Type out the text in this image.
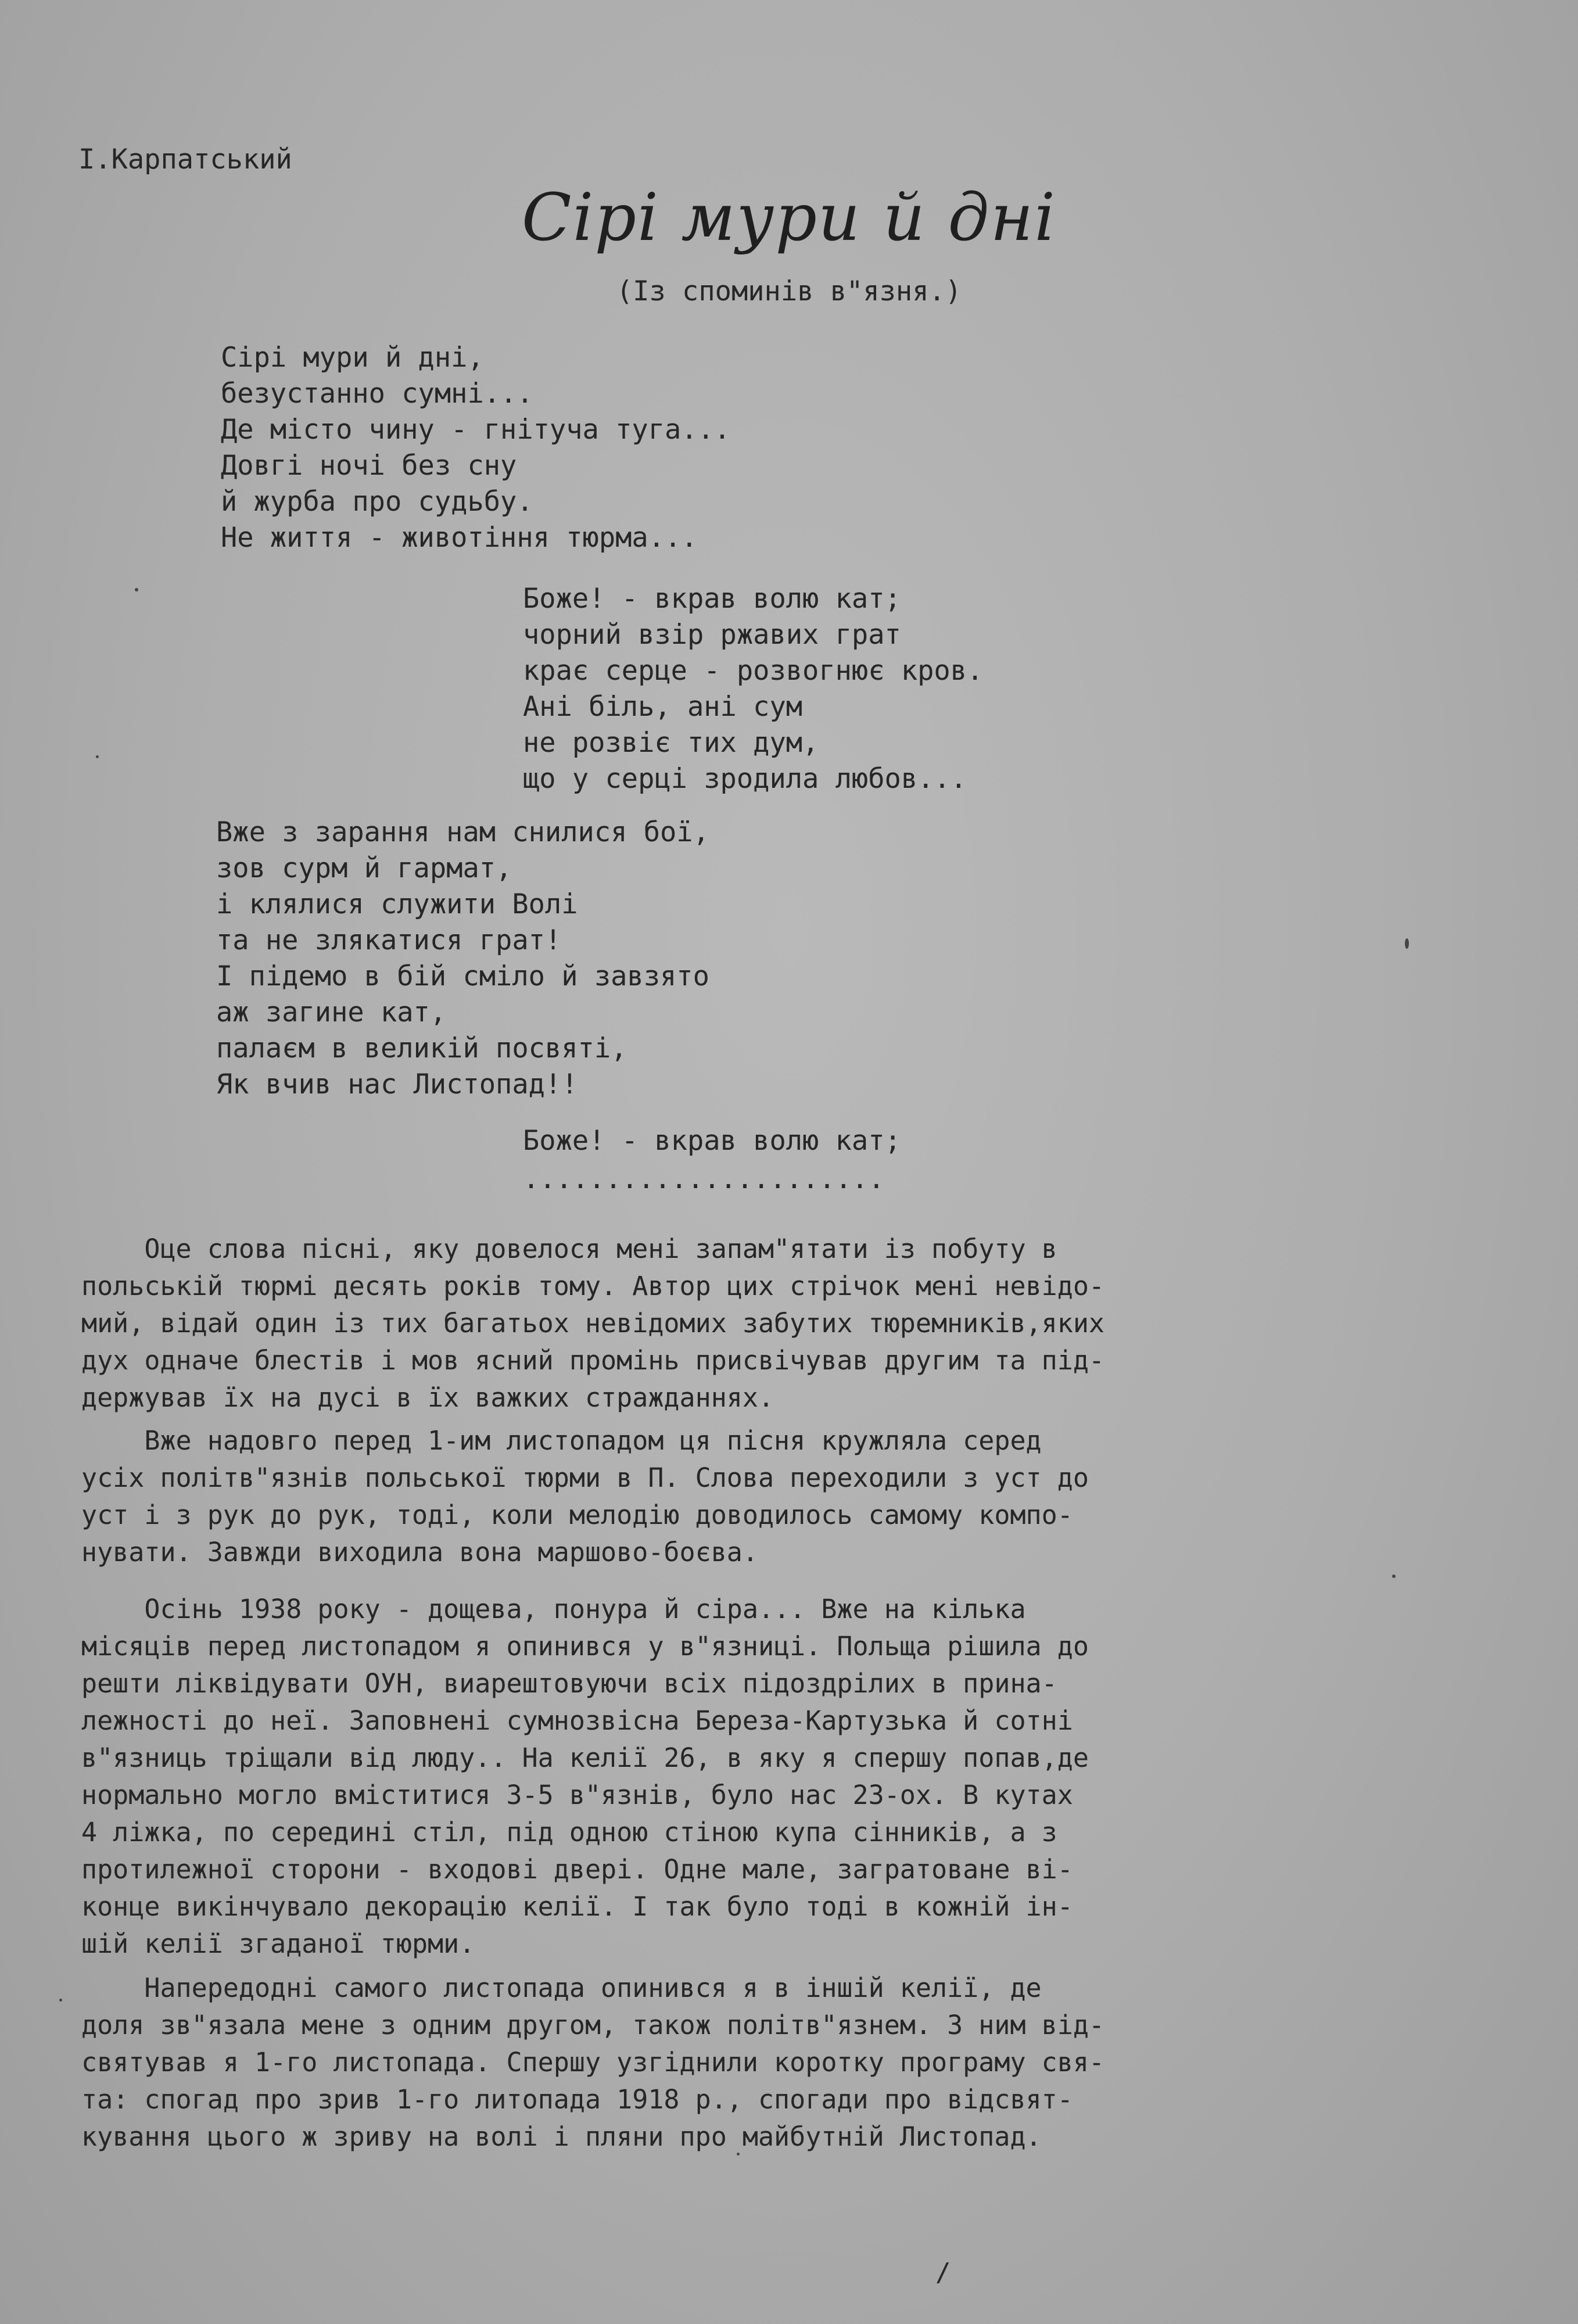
І.Карпатський
Сірі мури й дні
(Із споминів в"язня.)
Сірі мури й дні,
безустанно сумні...
Де місто чину - гнітуча туга...
Довгі ночі без сну
й журба про судьбу.
Не життя - животіння тюрма...
Боже! - вкрав волю кат;
чорний взір ржавих грат
крає серце - розвогнює кров.
Ані біль, ані сум
не розвіє тих дум,
що у серці зродила любов...
Вже з зарання нам снилися бої,
зов сурм й гармат,
і клялися служити Волі
та не злякатися грат!
І підемо в бій сміло й завзято
аж загине кат,
палаєм в великій посвяті,
Як вчив нас Листопад!!
Боже! - вкрав волю кат;
......................
Оце слова пісні, яку довелося мені запам"ятати із побуту в
польській тюрмі десять років тому. Автор цих стрічок мені невідо-
мий, відай один із тих багатьох невідомих забутих тюремників,яких
дух одначе блестів і мов ясний промінь присвічував другим та під-
держував їх на дусі в їх важких стражданнях.
Вже надовго перед 1-им листопадом ця пісня кружляла серед
усіх політв"язнів польської тюрми в П. Слова переходили з уст до
уст і з рук до рук, тоді, коли мелодію доводилось самому компо-
нувати. Завжди виходила вона маршово-боєва.
Осінь 1938 року - дощева, понура й сіра... Вже на кілька
місяців перед листопадом я опинився у в"язниці. Польща рішила до
решти ліквідувати ОУН, виарештовуючи всіх підоздрілих в прина-
лежності до неї. Заповнені сумнозвісна Береза-Картузька й сотні
в"язниць тріщали від люду.. На келії 26, в яку я спершу попав,де
нормально могло вміститися 3-5 в"язнів, було нас 23-ох. В кутах
4 ліжка, по середині стіл, під одною стіною купа сінників, а з
протилежної сторони - входові двері. Одне мале, загратоване ві-
конце викінчувало декорацію келії. І так було тоді в кожній ін-
шій келії згаданої тюрми.
Напередодні самого листопада опинився я в іншій келії, де
доля зв"язала мене з одним другом, також політв"язнем. З ним від-
святував я 1-го листопада. Спершу узгіднили коротку програму свя-
та: спогад про зрив 1-го литопада 1918 р., спогади про відсвят-
кування цього ж зриву на волі і пляни про майбутній Листопад.
/
